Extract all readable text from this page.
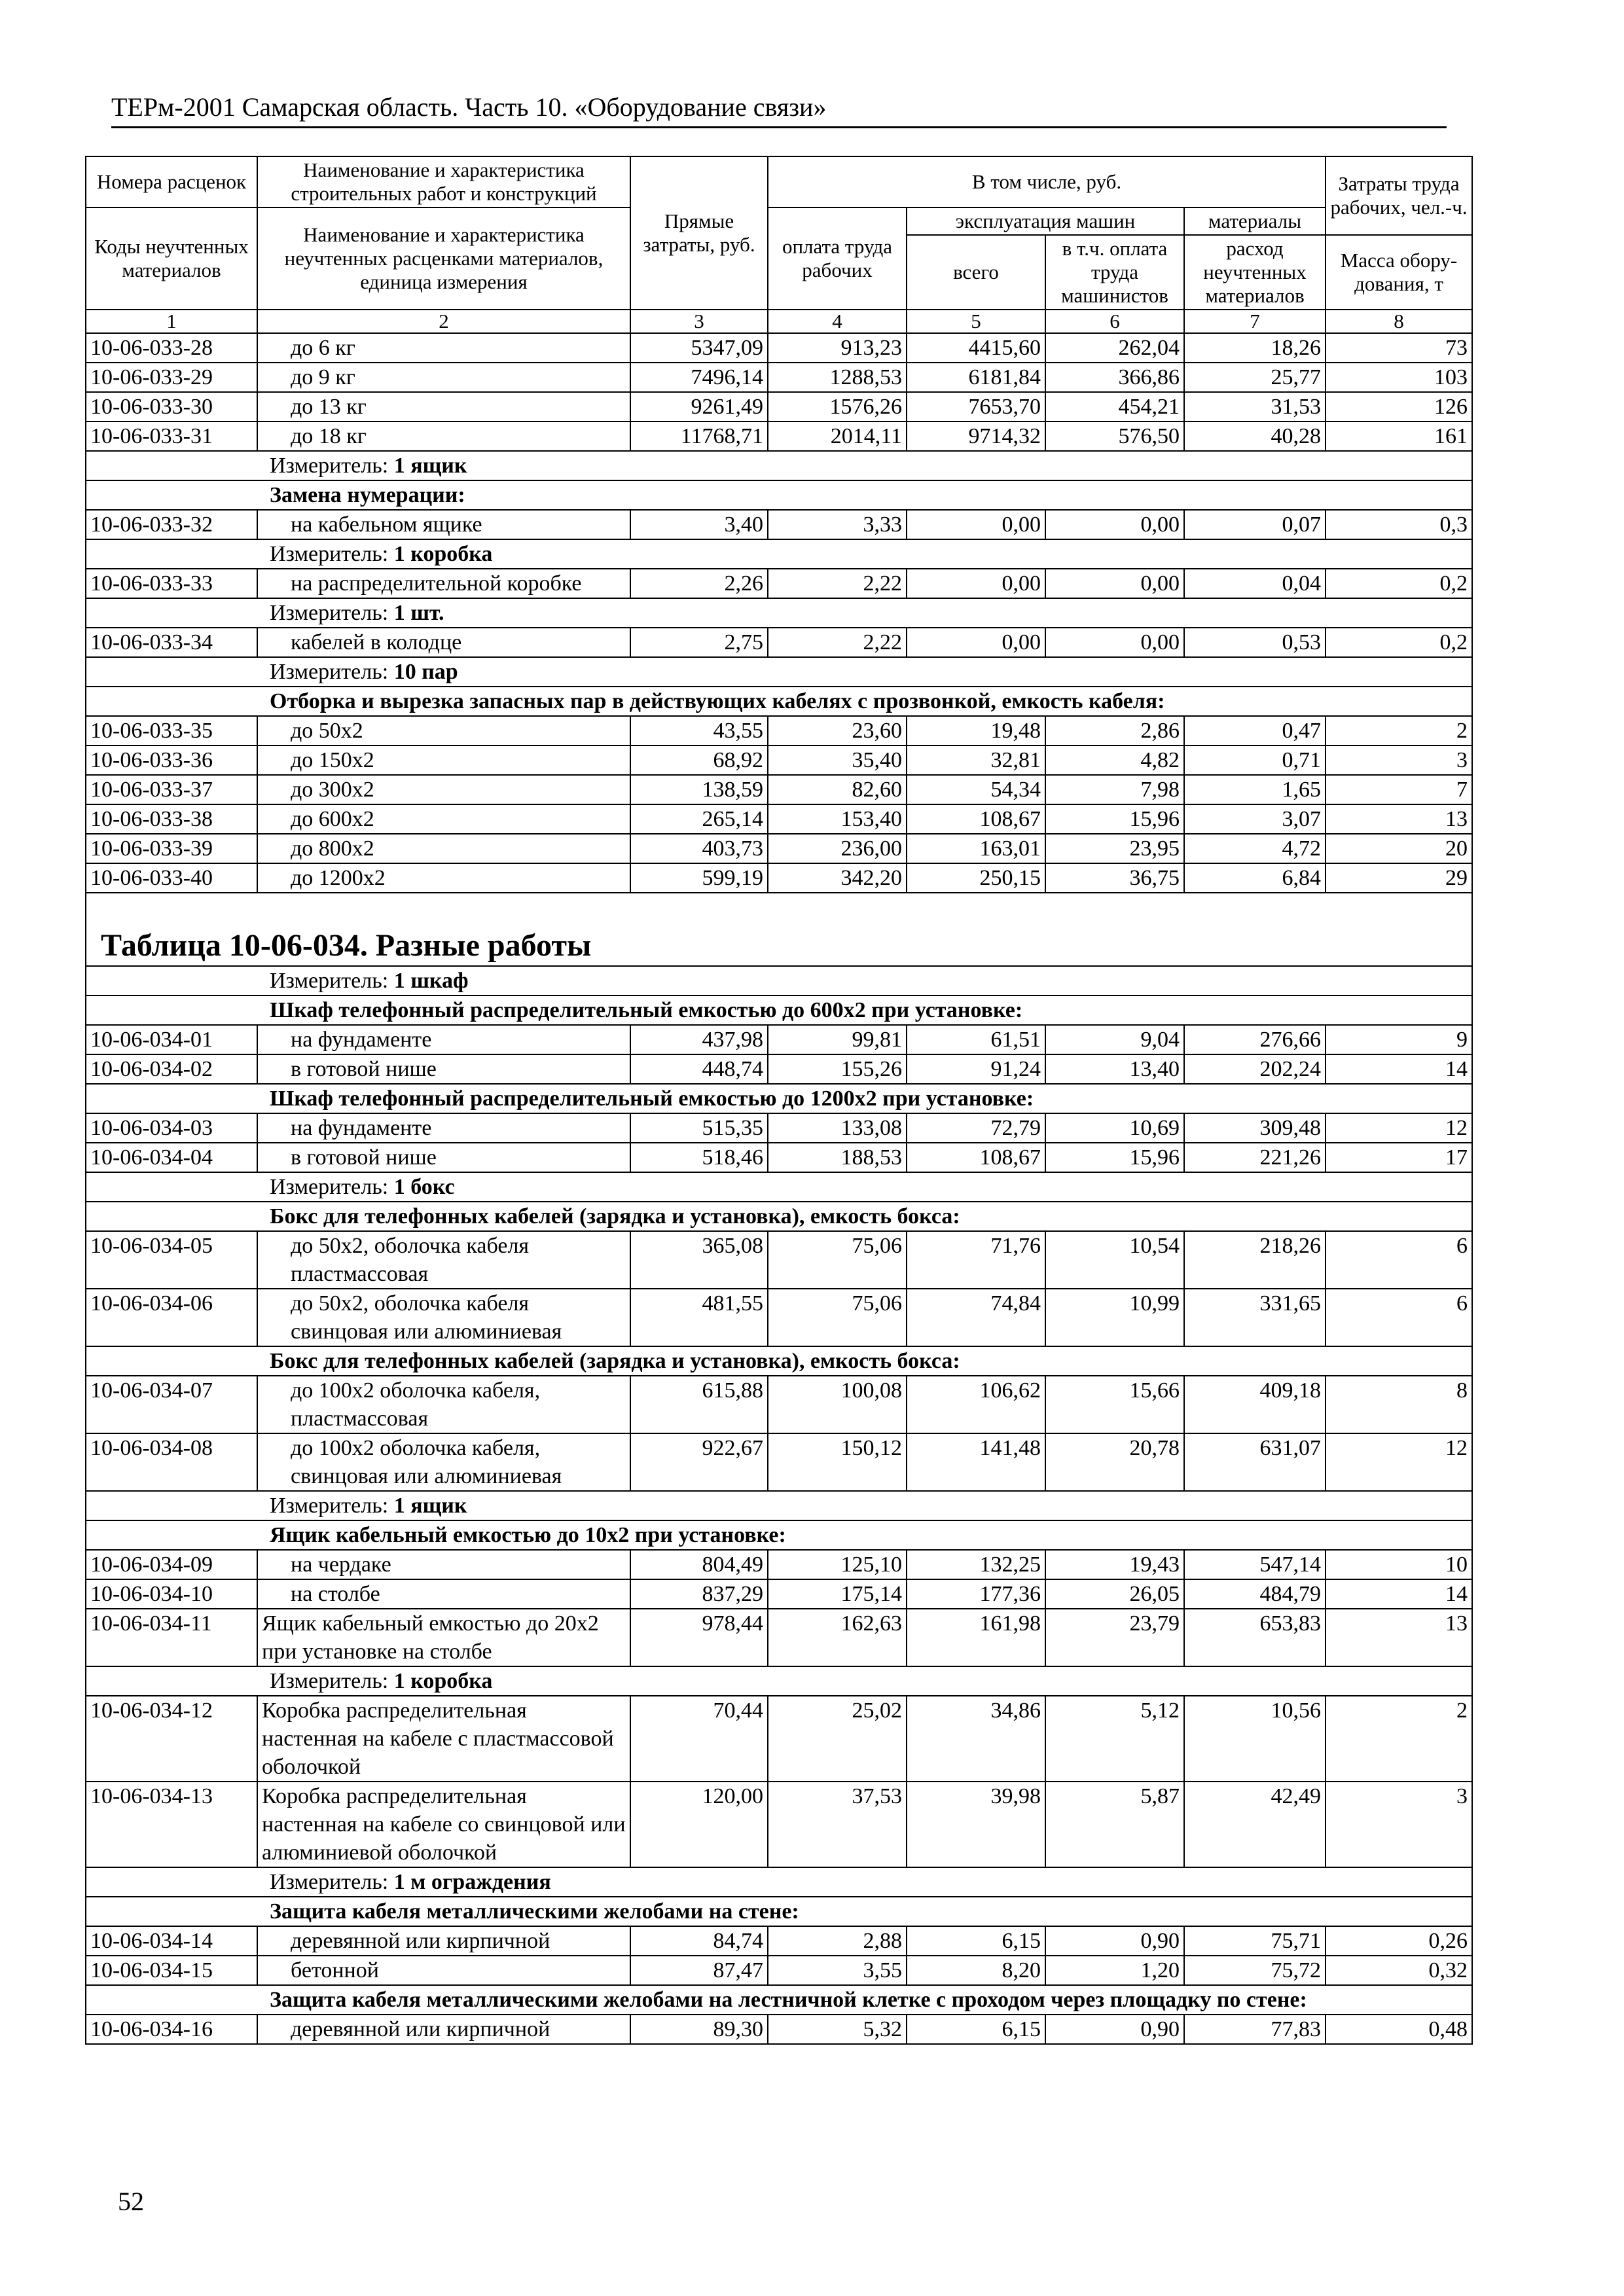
ТЕРм-2001 Самарская область. Часть 10. «Оборудование связи»
Номера расценок	Наименование и характеристика строительных работ и конструкций	Прямые затраты, руб.	В том числе, руб.				Затраты труда рабочих, чел.-ч.
Коды неучтенных материалов	Наименование и характеристика неучтенных расценками материалов, единица измерения		оплата труда рабочих	эксплуатация машин		материалы	
				всего	в т.ч. оплата труда машинистов	расход неучтенных материалов	Масса обору-дования, т
1	2	3	4	5	6	7	8
10-06-033-28	до 6 кг	5347,09	913,23	4415,60	262,04	18,26	73
10-06-033-29	до 9 кг	7496,14	1288,53	6181,84	366,86	25,77	103
10-06-033-30	до 13 кг	9261,49	1576,26	7653,70	454,21	31,53	126
10-06-033-31	до 18 кг	11768,71	2014,11	9714,32	576,50	40,28	161
Измеритель: 1 ящик							
Замена нумерации:							
10-06-033-32	на кабельном ящике	3,40	3,33	0,00	0,00	0,07	0,3
Измеритель: 1 коробка							
10-06-033-33	на распределительной коробке	2,26	2,22	0,00	0,00	0,04	0,2
Измеритель: 1 шт.							
10-06-033-34	кабелей в колодце	2,75	2,22	0,00	0,00	0,53	0,2
Измеритель: 10 пар							
Отборка и вырезка запасных пар в действующих кабелях с прозвонкой, емкость кабеля:							
10-06-033-35	до 50х2	43,55	23,60	19,48	2,86	0,47	2
10-06-033-36	до 150х2	68,92	35,40	32,81	4,82	0,71	3
10-06-033-37	до 300х2	138,59	82,60	54,34	7,98	1,65	7
10-06-033-38	до 600х2	265,14	153,40	108,67	15,96	3,07	13
10-06-033-39	до 800х2	403,73	236,00	163,01	23,95	4,72	20
10-06-033-40	до 1200х2	599,19	342,20	250,15	36,75	6,84	29
Таблица 10-06-034. Разные работы							
Измеритель: 1 шкаф							
Шкаф телефонный распределительный емкостью до 600х2 при установке:							
10-06-034-01	на фундаменте	437,98	99,81	61,51	9,04	276,66	9
10-06-034-02	в готовой нише	448,74	155,26	91,24	13,40	202,24	14
Шкаф телефонный распределительный емкостью до 1200х2 при установке:							
10-06-034-03	на фундаменте	515,35	133,08	72,79	10,69	309,48	12
10-06-034-04	в готовой нише	518,46	188,53	108,67	15,96	221,26	17
Измеритель: 1 бокс							
Бокс для телефонных кабелей (зарядка и установка), емкость бокса:							
10-06-034-05	до 50х2, оболочка кабеля пластмассовая	365,08	75,06	71,76	10,54	218,26	6
10-06-034-06	до 50х2, оболочка кабеля свинцовая или алюминиевая	481,55	75,06	74,84	10,99	331,65	6
Бокс для телефонных кабелей (зарядка и установка), емкость бокса:							
10-06-034-07	до 100х2 оболочка кабеля, пластмассовая	615,88	100,08	106,62	15,66	409,18	8
10-06-034-08	до 100х2 оболочка кабеля, свинцовая или алюминиевая	922,67	150,12	141,48	20,78	631,07	12
Измеритель: 1 ящик							
Ящик кабельный емкостью до 10х2 при установке:							
10-06-034-09	на чердаке	804,49	125,10	132,25	19,43	547,14	10
10-06-034-10	на столбе	837,29	175,14	177,36	26,05	484,79	14
10-06-034-11	Ящик кабельный емкостью до 20х2 при установке на столбе	978,44	162,63	161,98	23,79	653,83	13
Измеритель: 1 коробка							
10-06-034-12	Коробка распределительная настенная на кабеле с пластмассовой оболочкой	70,44	25,02	34,86	5,12	10,56	2
10-06-034-13	Коробка распределительная настенная на кабеле со свинцовой или алюминиевой оболочкой	120,00	37,53	39,98	5,87	42,49	3
Измеритель: 1 м ограждения							
Защита кабеля металлическими желобами на стене:							
10-06-034-14	деревянной или кирпичной	84,74	2,88	6,15	0,90	75,71	0,26
10-06-034-15	бетонной	87,47	3,55	8,20	1,20	75,72	0,32
Защита кабеля металлическими желобами на лестничной клетке с проходом через площадку по стене:							
10-06-034-16	деревянной или кирпичной	89,30	5,32	6,15	0,90	77,83	0,48
52
